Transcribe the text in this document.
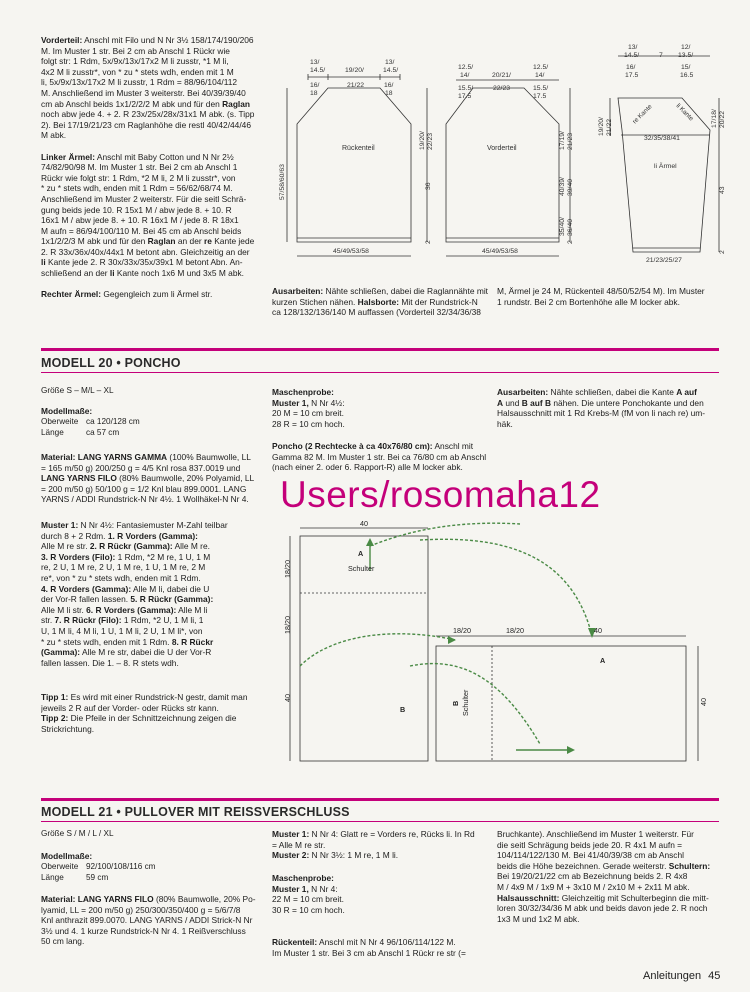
Vorderteil: Anschl mit Filo und N Nr 3½ 158/174/190/206
M. Im Muster 1 str. Bei 2 cm ab Anschl 1 Rückr wie
folgt str: 1 Rdm, 5x/9x/13x/17x2 M li zusstr, *1 M li,
4x2 M li zusstr*, von * zu * stets wdh, enden mit 1 M
li, 5x/9x/13x/17x2 M li zusstr, 1 Rdm = 88/96/104/112
M. Anschließend im Muster 3 weiterstr. Bei 40/39/39/40
cm ab Anschl beids 1x1/2/2/2 M abk und für den Raglan
noch abw jede 4. + 2. R 23x/25x/28x/31x1 M abk. (s. Tipp
2). Bei 17/19/21/23 cm Raglanhöhe die restl 40/42/44/46
M abk.

Linker Ärmel: Anschl mit Baby Cotton und N Nr 2½
74/82/90/98 M. Im Muster 1 str. Bei 2 cm ab Anschl 1
Rückr wie folgt str: 1 Rdm, *2 M li, 2 M li zusstr*, von
* zu * stets wdh, enden mit 1 Rdm = 56/62/68/74 M.
Anschließend im Muster 2 weiterstr. Für die seitl Schrä-
gung beids jede 10. R 15x1 M / abw jede 8. + 10. R
16x1 M / abw jede 8. + 10. R 16x1 M / jede 8. R 18x1
M aufn = 86/94/100/110 M. Bei 45 cm ab Anschl beids
1x1/2/2/3 M abk und für den Raglan an der re Kante jede
2. R 33x/36x/40x/44x1 M betont abn. Gleichzeitig an der
li Kante jede 2. R 30x/33x/35x/39x1 M betont Abn. An-
schließend an der li Kante noch 1x6 M und 3x5 M abk.

Rechter Ärmel: Gegengleich zum li Ärmel str.
13/
14.5/
16/
18
19/20/
21/22
13/
14.5/
16/
18
Rückenteil
45/49/53/58
57/58/60/63
19/20/ 22/23
36
2
12.5/
14/
15.5/
17.5
20/21/
22/23
12.5/
14/
15.5/
17.5
Vorderteil
45/49/53/58
17/19/ 21/23
40/39/ 39/40
35/40/ 36/40
2
13/
14.5/
16/
17.5
7
12/
13.5/
15/
16.5
re Kante	li Kante
32/35/38/41
li Ärmel
21/23/25/27
19/20/ 21/22	17/18/ 20/22
43
2
Ausarbeiten: Nähte schließen, dabei die Raglannähte mit
kurzen Stichen nähen. Halsborte: Mit der Rundstrick-N
ca 128/132/136/140 M auffassen (Vorderteil 32/34/36/38
M, Ärmel je 24 M, Rückenteil 48/50/52/54 M). Im Muster
1 rundstr. Bei 2 cm Bortenhöhe alle M locker abk.
MODELL 20 • PONCHO
Größe S – M/L – XL
Modellmaße:
Oberweite ca 120/128 cm
Länge	ca 57 cm
Material: LANG YARNS GAMMA (100% Baumwolle, LL
= 165 m/50 g) 200/250 g = 4/5 Knl rosa 837.0019 und
LANG YARNS FILO (80% Baumwolle, 20% Polyamid, LL
= 200 m/50 g) 50/100 g = 1/2 Knl blau 899.0001. LANG
YARNS / ADDI Rundstrick-N Nr 4½. 1 Wollhäkel-N Nr 4.
Muster 1: N Nr 4½: Fantasiemuster M-Zahl teilbar
durch 8 + 2 Rdm. 1. R Vorders (Gamma):
Alle M re str. 2. R Rückr (Gamma): Alle M re.
3. R Vorders (Filo): 1 Rdm, *2 M re, 1 U, 1 M
re, 2 U, 1 M re, 2 U, 1 M re, 1 U, 1 M re, 2 M
re*, von * zu * stets wdh, enden mit 1 Rdm.
4. R Vorders (Gamma): Alle M li, dabei die U
der Vor-R fallen lassen. 5. R Rückr (Gamma):
Alle M li str. 6. R Vorders (Gamma): Alle M li
str. 7. R Rückr (Filo): 1 Rdm, *2 U, 1 M li, 1
U, 1 M li, 4 M li, 1 U, 1 M li, 2 U, 1 M li*, von
* zu * stets wdh, enden mit 1 Rdm. 8. R Rückr
(Gamma): Alle M re str, dabei die U der Vor-R
fallen lassen. Die 1. – 8. R stets wdh.
Tipp 1: Es wird mit einer Rundstrick-N gestr, damit man
jeweils 2 R auf der Vorder- oder Rücks str kann.
Tipp 2: Die Pfeile in der Schnittzeichnung zeigen die
Strickrichtung.
Maschenprobe:
Muster 1, N Nr 4½:
20 M = 10 cm breit.
28 R = 10 cm hoch.
Poncho (2 Rechtecke à ca 40x76/80 cm): Anschl mit
Gamma 82 M. Im Muster 1 str. Bei ca 76/80 cm ab Anschl
(nach einer 2. oder 6. Rapport-R) alle M locker abk.
Ausarbeiten: Nähte schließen, dabei die Kante A auf
A und B auf B nähen. Die untere Ponchokante und den
Halsausschnitt mit 1 Rd Krebs-M (fM von li nach re) um-
häk.
Users/rosomaha12
40
A
Schulter
B
18/20
18/20
40
18/20	18/20	40
A
B Schulter	40
MODELL 21 • PULLOVER MIT REISSVERSCHLUSS
Größe S / M / L / XL
Modellmaße:
Oberweite 92/100/108/116 cm
Länge	59 cm
Material: LANG YARNS FILO (80% Baumwolle, 20% Po-
lyamid, LL = 200 m/50 g) 250/300/350/400 g = 5/6/7/8
Knl anthrazit 899.0070. LANG YARNS / ADDI Strick-N Nr
3½ und 4. 1 kurze Rundstrick-N Nr 4. 1 Reißverschluss
50 cm lang.
Muster 1: N Nr 4: Glatt re = Vorders re, Rücks li. In Rd
= Alle M re str.
Muster 2: N Nr 3½: 1 M re, 1 M li.
Maschenprobe:
Muster 1, N Nr 4:
22 M = 10 cm breit.
30 R = 10 cm hoch.
Rückenteil: Anschl mit N Nr 4 96/106/114/122 M.
Im Muster 1 str. Bei 3 cm ab Anschl 1 Rückr re str (=
Bruchkante). Anschließend im Muster 1 weiterstr. Für
die seitl Schrägung beids jede 20. R 4x1 M aufn =
104/114/122/130 M. Bei 41/40/39/38 cm ab Anschl
beids die Höhe bezeichnen. Gerade weiterstr. Schultern:
Bei 19/20/21/22 cm ab Bezeichnung beids 2. R 4x8
M / 4x9 M / 1x9 M + 3x10 M / 2x10 M + 2x11 M abk.
Halsausschnitt: Gleichzeitig mit Schulterbeginn die mitt-
loren 30/32/34/36 M abk und beids davon jede 2. R noch
1x3 M und 1x2 M abk.
Anleitungen 45
